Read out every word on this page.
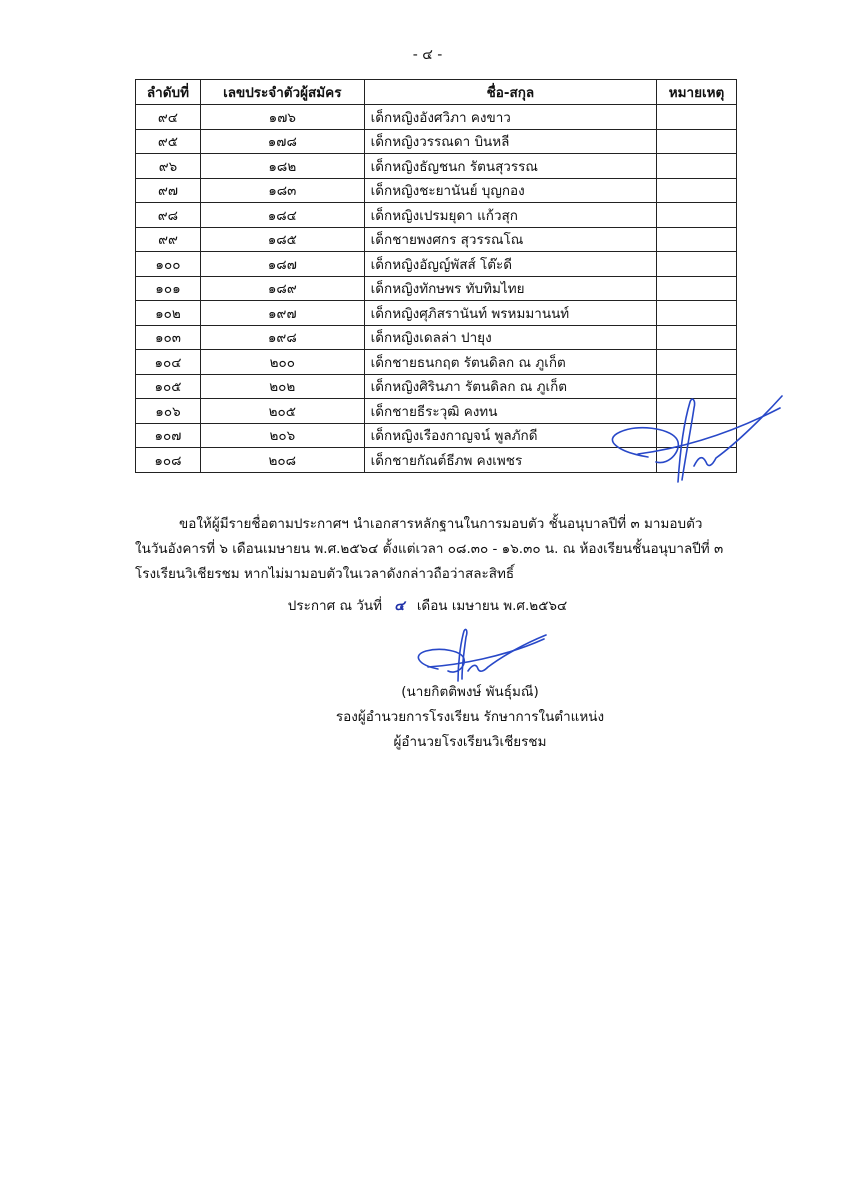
- ๔ -
ลำดับที่	เลขประจำตัวผู้สมัคร	ชื่อ-สกุล	หมายเหตุ
๙๔	๑๗๖	เด็กหญิงอังศวิภา คงขาว	
๙๕	๑๗๘	เด็กหญิงวรรณดา บินหลี	
๙๖	๑๘๒	เด็กหญิงธัญชนก รัตนสุวรรณ	
๙๗	๑๘๓	เด็กหญิงชะยานันย์ บุญกอง	
๙๘	๑๘๔	เด็กหญิงเปรมยุดา แก้วสุก	
๙๙	๑๘๕	เด็กชายพงศกร สุวรรณโณ	
๑๐๐	๑๘๗	เด็กหญิงอัญญ์พัสส์ โต๊ะดี	
๑๐๑	๑๘๙	เด็กหญิงทักษพร ทับทิมไทย	
๑๐๒	๑๙๗	เด็กหญิงศุภิสรานันท์ พรหมมานนท์	
๑๐๓	๑๙๘	เด็กหญิงเดลล่า ปายุง	
๑๐๔	๒๐๐	เด็กชายธนกฤต รัตนดิลก ณ ภูเก็ต	
๑๐๕	๒๐๒	เด็กหญิงศิรินภา รัตนดิลก ณ ภูเก็ต	
๑๐๖	๒๐๕	เด็กชายธีระวุฒิ คงทน	
๑๐๗	๒๐๖	เด็กหญิงเรืองกาญจน์ พูลภักดี	
๑๐๘	๒๐๘	เด็กชายกัณต์ธีภพ คงเพชร	
ขอให้ผู้มีรายชื่อตามประกาศฯ นำเอกสารหลักฐานในการมอบตัว ชั้นอนุบาลปีที่ ๓ มามอบตัว
ในวันอังคารที่ ๖ เดือนเมษายน พ.ศ.๒๕๖๔ ตั้งแต่เวลา ๐๘.๓๐ - ๑๖.๓๐ น. ณ ห้องเรียนชั้นอนุบาลปีที่ ๓
โรงเรียนวิเชียรชม หากไม่มามอบตัวในเวลาดังกล่าวถือว่าสละสิทธิ์
ประกาศ ณ วันที่ ๔ เดือน เมษายน พ.ศ.๒๕๖๔
(นายกิตติพงษ์ พันธุ์มณี)
รองผู้อำนวยการโรงเรียน รักษาการในตำแหน่ง
ผู้อำนวยโรงเรียนวิเชียรชม
